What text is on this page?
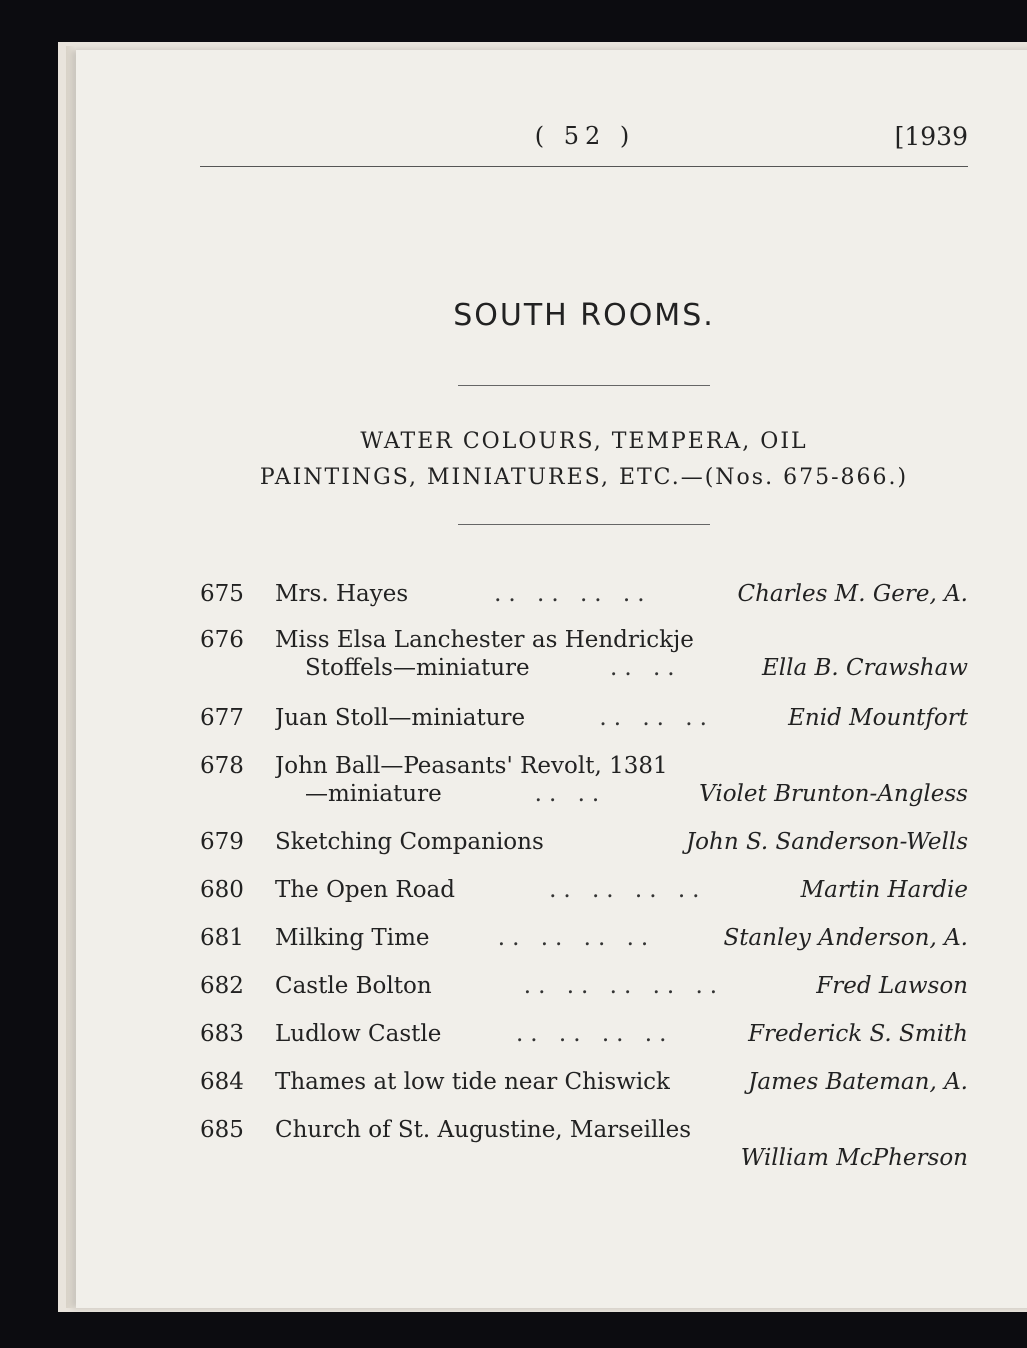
( 52 )	[1939
SOUTH ROOMS.
WATER COLOURS, TEMPERA, OIL
PAINTINGS, MINIATURES, ETC.—(Nos. 675-866.)
675	Mrs. Hayes	.. .. .. ..	Charles M. Gere, A.
676	Miss Elsa Lanchester as Hendrickje
Stoffels—miniature	.. ..	Ella B. Crawshaw
677	Juan Stoll—miniature	.. .. ..	Enid Mountfort
678	John Ball—Peasants' Revolt, 1381
—miniature	.. ..	Violet Brunton-Angless
679	Sketching Companions	John S. Sanderson-Wells
680	The Open Road	.. .. .. ..	Martin Hardie
681	Milking Time	.. .. .. ..	Stanley Anderson, A.
682	Castle Bolton	.. .. .. .. ..	Fred Lawson
683	Ludlow Castle	.. .. .. ..	Frederick S. Smith
684	Thames at low tide near Chiswick	James Bateman, A.
685	Church of St. Augustine, Marseilles
William McPherson
